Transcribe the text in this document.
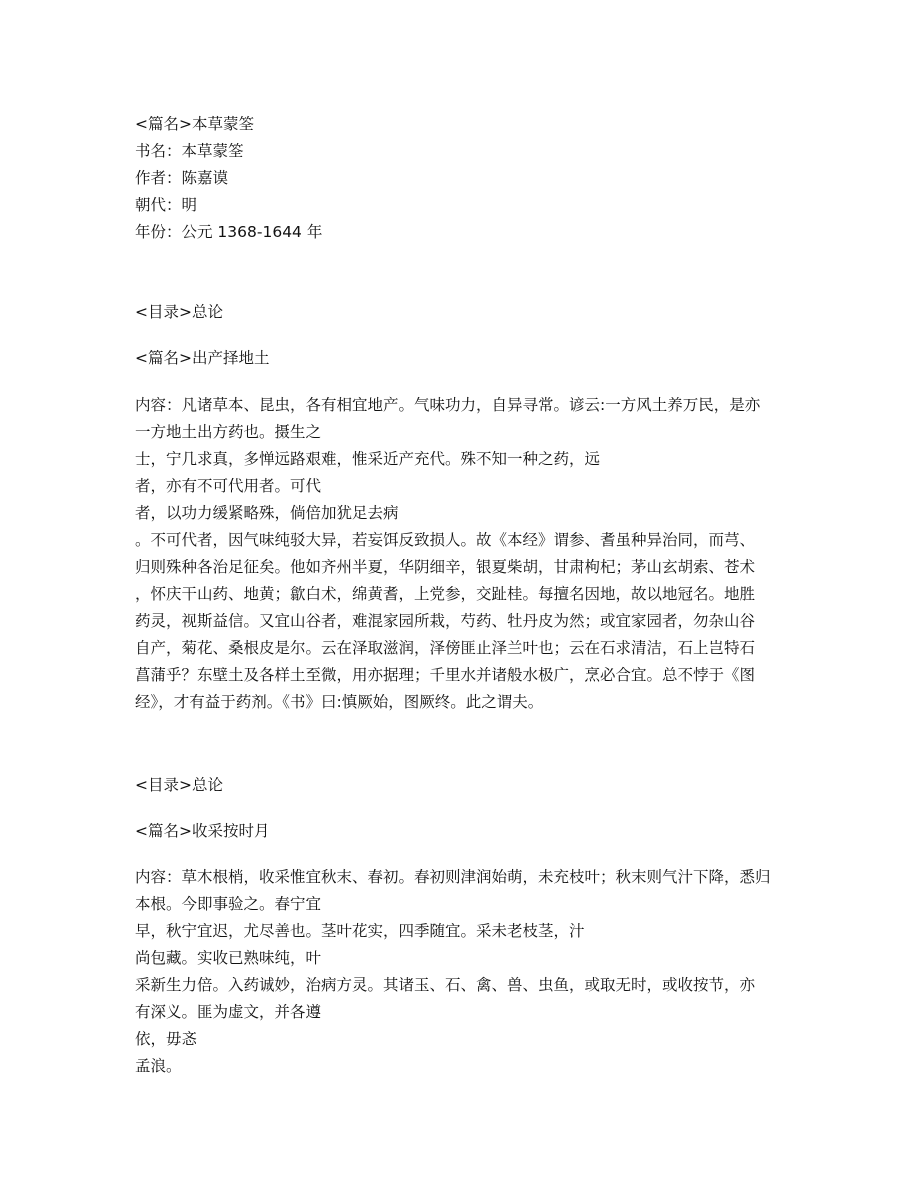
<篇名>本草蒙筌
书名：本草蒙筌
作者：陈嘉谟
朝代：明
年份：公元 1368-1644 年
<目录>总论
<篇名>出产择地土
内容：凡诸草本、昆虫，各有相宜地产。气味功力，自异寻常。谚云:一方风土养万民，是亦
一方地土出方药也。摄生之
士，宁几求真，多惮远路艰难，惟采近产充代。殊不知一种之药，远
者，亦有不可代用者。可代
者，以功力缓紧略殊，倘倍加犹足去病
。不可代者，因气味纯驳大异，若妄饵反致损人。故《本经》谓参、耆虽种异治同，而芎、
归则殊种各治足征矣。他如齐州半夏，华阴细辛，银夏柴胡，甘肃枸杞；茅山玄胡索、苍术
，怀庆干山药、地黄；歙白术，绵黄耆，上党参，交趾桂。每擅名因地，故以地冠名。地胜
药灵，视斯益信。又宜山谷者，难混家园所栽，芍药、牡丹皮为然；或宜家园者，勿杂山谷
自产，菊花、桑根皮是尔。云在泽取滋润，泽傍匪止泽兰叶也；云在石求清洁，石上岂特石
菖蒲乎？东壁土及各样土至微，用亦据理；千里水并诸般水极广，烹必合宜。总不悖于《图
经》，才有益于药剂。《书》曰:慎厥始，图厥终。此之谓夫。
<目录>总论
<篇名>收采按时月
内容：草木根梢，收采惟宜秋末、春初。春初则津润始萌，未充枝叶；秋末则气汁下降，悉归
本根。今即事验之。春宁宜
早，秋宁宜迟，尤尽善也。茎叶花实，四季随宜。采未老枝茎，汁
尚包藏。实收已熟味纯，叶
采新生力倍。入药诚妙，治病方灵。其诸玉、石、禽、兽、虫鱼，或取无时，或收按节，亦
有深义。匪为虚文，并各遵
依，毋忞
孟浪。
